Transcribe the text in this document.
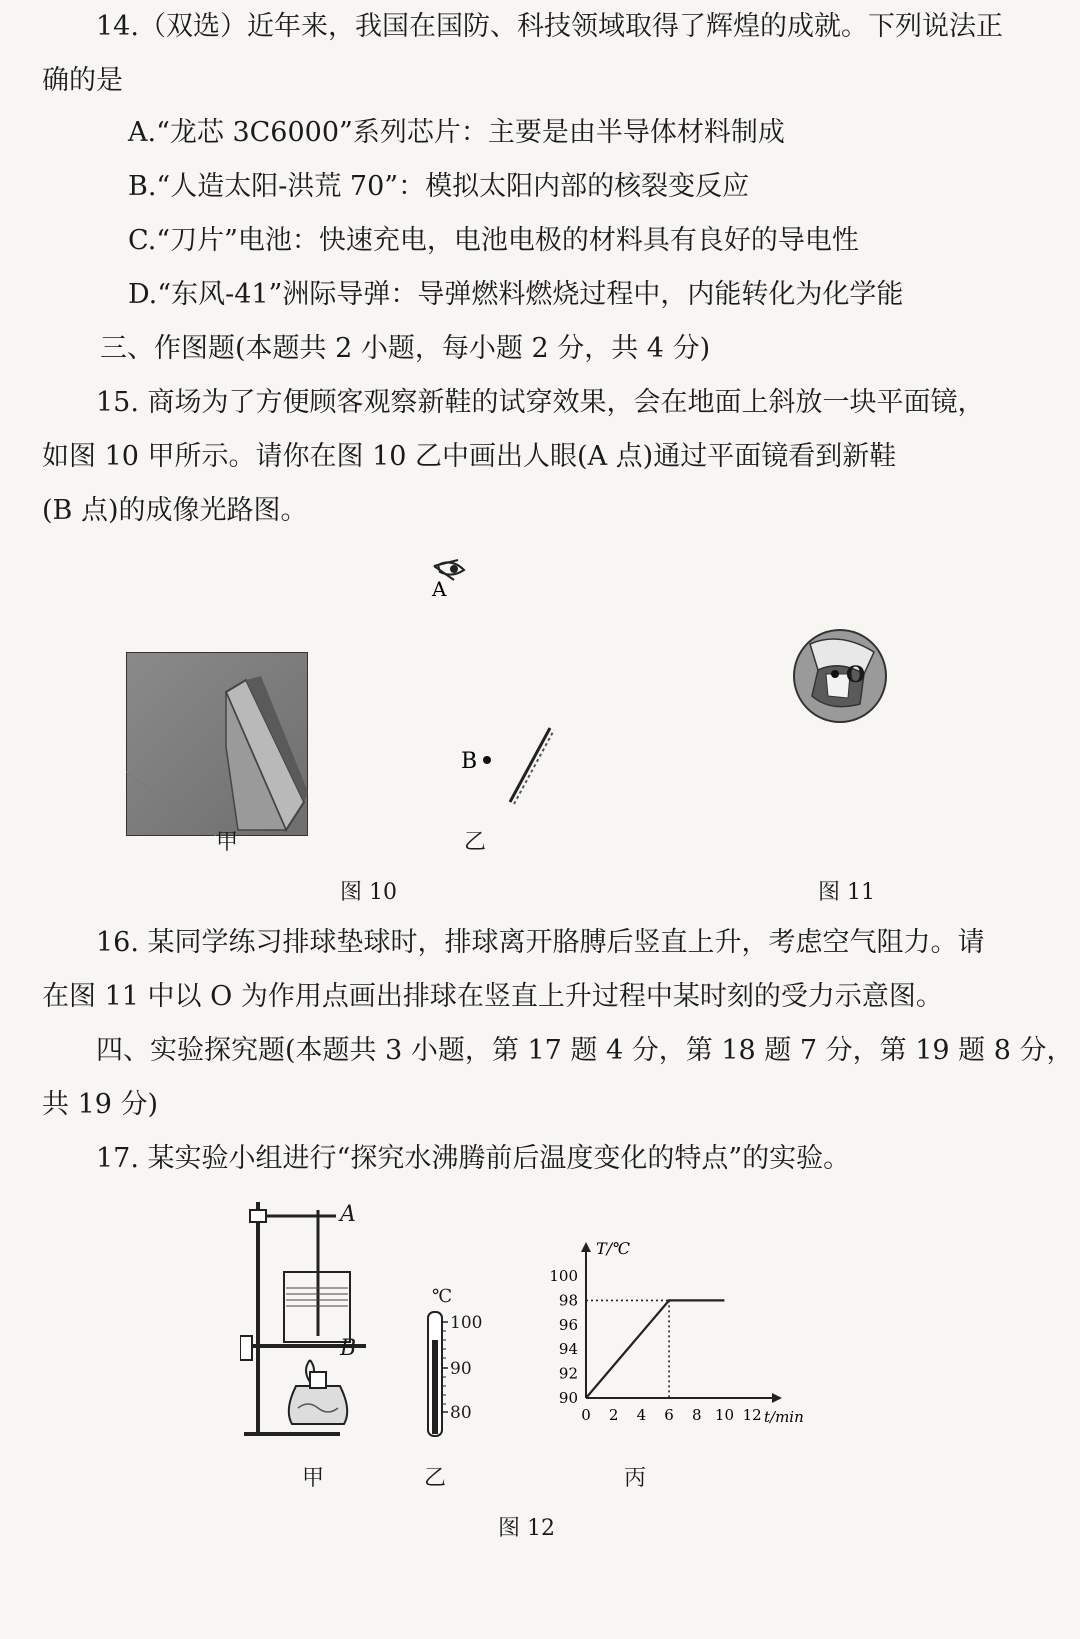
14.（双选）近年来，我国在国防、科技领域取得了辉煌的成就。下列说法正
确的是
A.“龙芯 3C6000”系列芯片：主要是由半导体材料制成
B.“人造太阳-洪荒 70”：模拟太阳内部的核裂变反应
C.“刀片”电池：快速充电，电池电极的材料具有良好的导电性
D.“东风-41”洲际导弹：导弹燃料燃烧过程中，内能转化为化学能
三、作图题(本题共 2 小题，每小题 2 分，共 4 分)
15. 商场为了方便顾客观察新鞋的试穿效果，会在地面上斜放一块平面镜，
如图 10 甲所示。请你在图 10 乙中画出人眼(A 点)通过平面镜看到新鞋
(B 点)的成像光路图。
A
B
甲	乙
图 10
O
图 11
16. 某同学练习排球垫球时，排球离开胳膊后竖直上升，考虑空气阻力。请
在图 11 中以 O 为作用点画出排球在竖直上升过程中某时刻的受力示意图。
四、实验探究题(本题共 3 小题，第 17 题 4 分，第 18 题 7 分，第 19 题 8 分，
共 19 分)
17. 某实验小组进行“探究水沸腾前后温度变化的特点”的实验。
A
B
℃
100
90
80	0 2 4 6 8 10 12
90
92
94
96
98
100
T/℃
t/min
甲	乙	丙
图 12
